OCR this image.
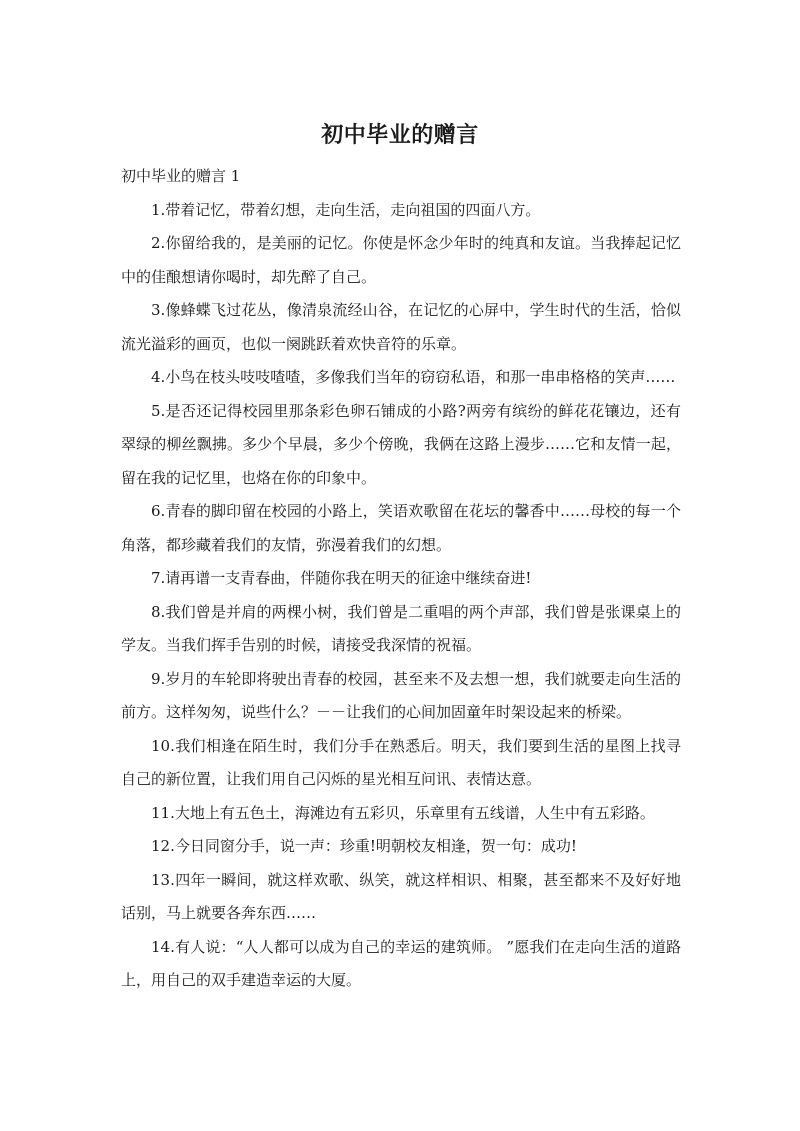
初中毕业的赠言

初中毕业的赠言 1

1.带着记忆，带着幻想，走向生活，走向祖国的四面八方。

2.你留给我的，是美丽的记忆。你使是怀念少年时的纯真和友谊。当我捧起记忆中的佳酿想请你喝时，却先醉了自己。

3.像蜂蝶飞过花丛，像清泉流经山谷，在记忆的心屏中，学生时代的生活，恰似流光溢彩的画页，也似一阕跳跃着欢快音符的乐章。

4.小鸟在枝头吱吱喳喳，多像我们当年的窃窃私语，和那一串串格格的笑声……

5.是否还记得校园里那条彩色卵石铺成的小路?两旁有缤纷的鲜花花镶边，还有翠绿的柳丝飘拂。多少个早晨，多少个傍晚，我俩在这路上漫步……它和友情一起，留在我的记忆里，也烙在你的印象中。

6.青春的脚印留在校园的小路上，笑语欢歌留在花坛的馨香中……母校的每一个角落，都珍藏着我们的友情，弥漫着我们的幻想。

7.请再谱一支青春曲，伴随你我在明天的征途中继续奋进!

8.我们曾是并肩的两棵小树，我们曾是二重唱的两个声部，我们曾是张课桌上的学友。当我们挥手告别的时候，请接受我深情的祝福。

9.岁月的车轮即将驶出青春的校园，甚至来不及去想一想，我们就要走向生活的前方。这样匆匆，说些什么？－－让我们的心间加固童年时架设起来的桥梁。

10.我们相逢在陌生时，我们分手在熟悉后。明天，我们要到生活的星图上找寻自己的新位置，让我们用自己闪烁的星光相互问讯、表情达意。

11.大地上有五色土，海滩边有五彩贝，乐章里有五线谱，人生中有五彩路。

12.今日同窗分手，说一声：珍重!明朝校友相逢，贺一句：成功!

13.四年一瞬间，就这样欢歌、纵笑，就这样相识、相聚，甚至都来不及好好地话别，马上就要各奔东西……

14.有人说：“人人都可以成为自己的幸运的建筑师。 ”愿我们在走向生活的道路上，用自己的双手建造幸运的大厦。
